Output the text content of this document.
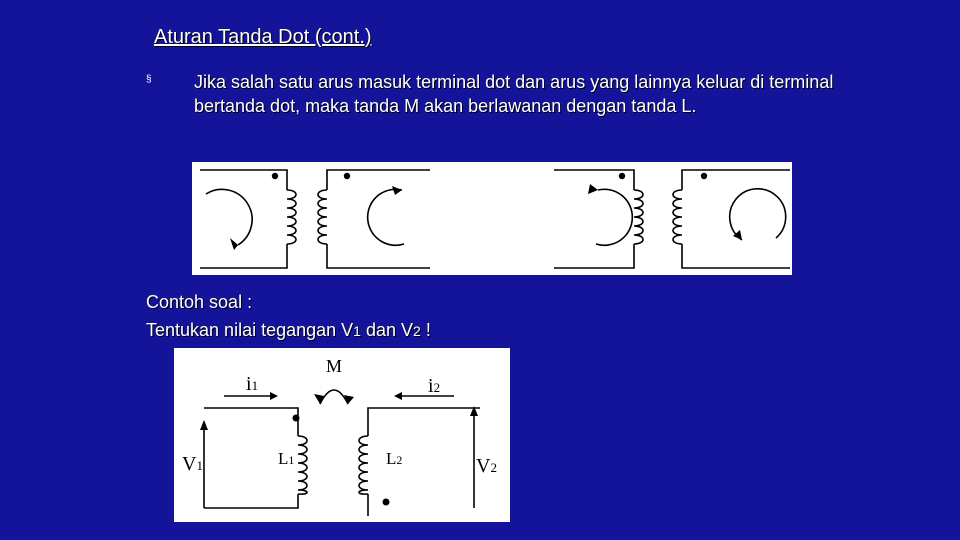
Aturan Tanda Dot (cont.)
§ Jika salah satu arus masuk terminal dot dan arus yang lainnya keluar di terminal bertanda dot, maka tanda M akan berlawanan dengan tanda L.
Contoh soal :
Tentukan nilai tegangan V1 dan V2 !
M
i1	i2
V1	V2
L1	L2
